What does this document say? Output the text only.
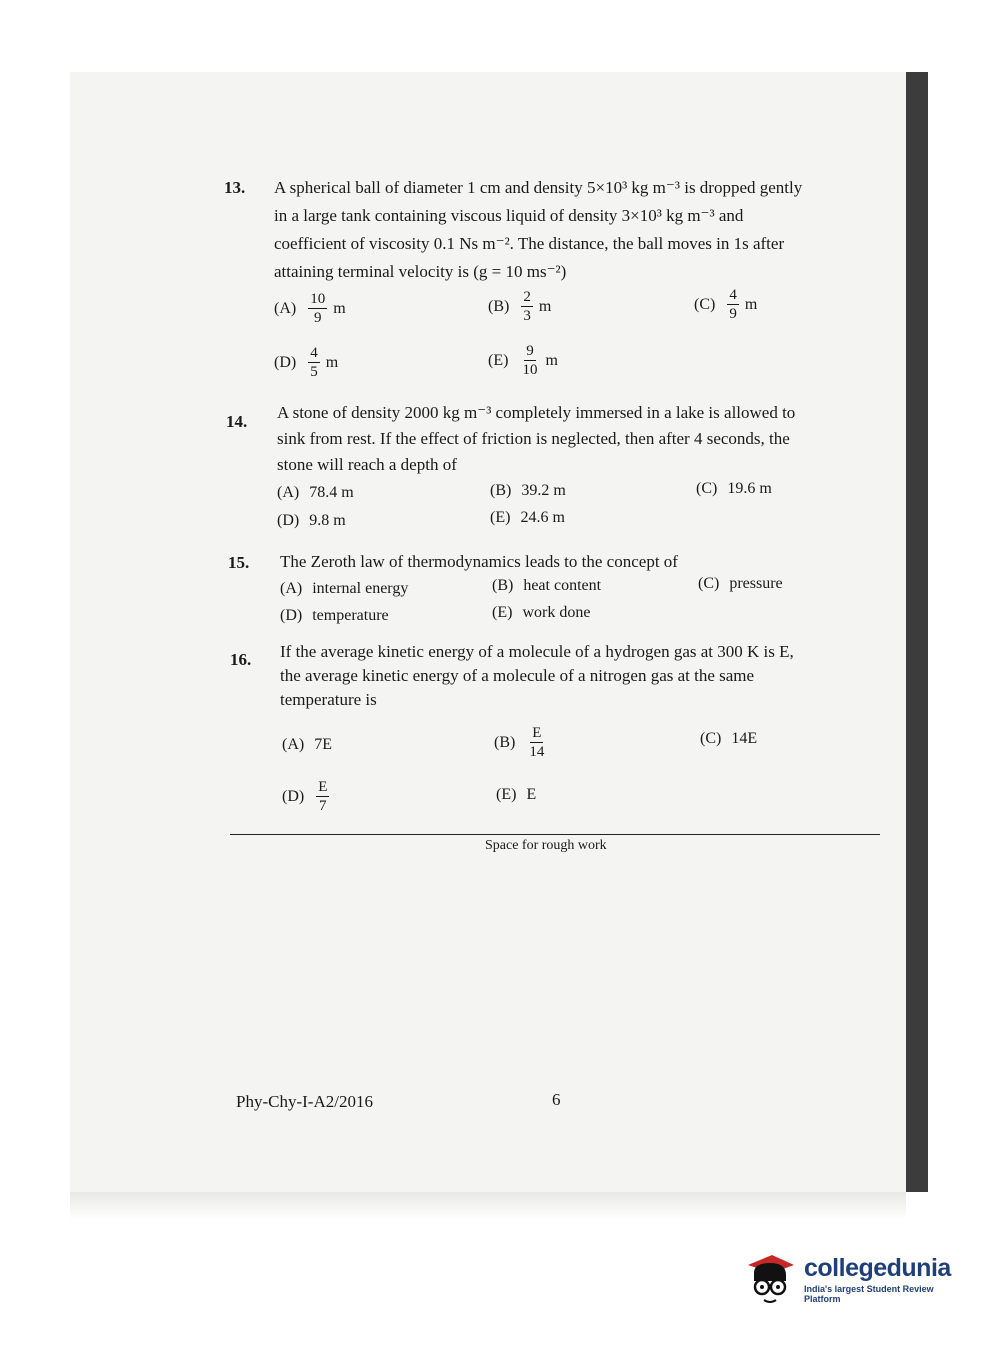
13. A spherical ball of diameter 1 cm and density 5×10³ kg m⁻³ is dropped gently
in a large tank containing viscous liquid of density 3×10³ kg m⁻³ and
coefficient of viscosity 0.1 Ns m⁻². The distance, the ball moves in 1s after
attaining terminal velocity is (g = 10 ms⁻²)
$(A) \frac{10}{9}$ m	$(B) \frac{2}{3}$ m	$(C) \frac{4}{9}$ m
$(D) \frac{4}{5}$ m	$(E) \frac{9}{10}$ m
14. A stone of density 2000 kg m⁻³ completely immersed in a lake is allowed to
sink from rest. If the effect of friction is neglected, then after 4 seconds, the
stone will reach a depth of
(A) 78.4 m	(B) 39.2 m	(C) 19.6 m
(D) 9.8 m	(E) 24.6 m
15. The Zeroth law of thermodynamics leads to the concept of
(A) internal energy	(B) heat content	(C) pressure
(D) temperature	(E) work done
16. If the average kinetic energy of a molecule of a hydrogen gas at 300 K is E,
the average kinetic energy of a molecule of a nitrogen gas at the same
temperature is
(A) 7E	$(B) \frac{E}{14}$	(C) 14E
$(D) \frac{E}{7}$	(E) E
Space for rough work
Phy-Chy-I-A2/2016	6
collegedunia
India's largest Student Review Platform
